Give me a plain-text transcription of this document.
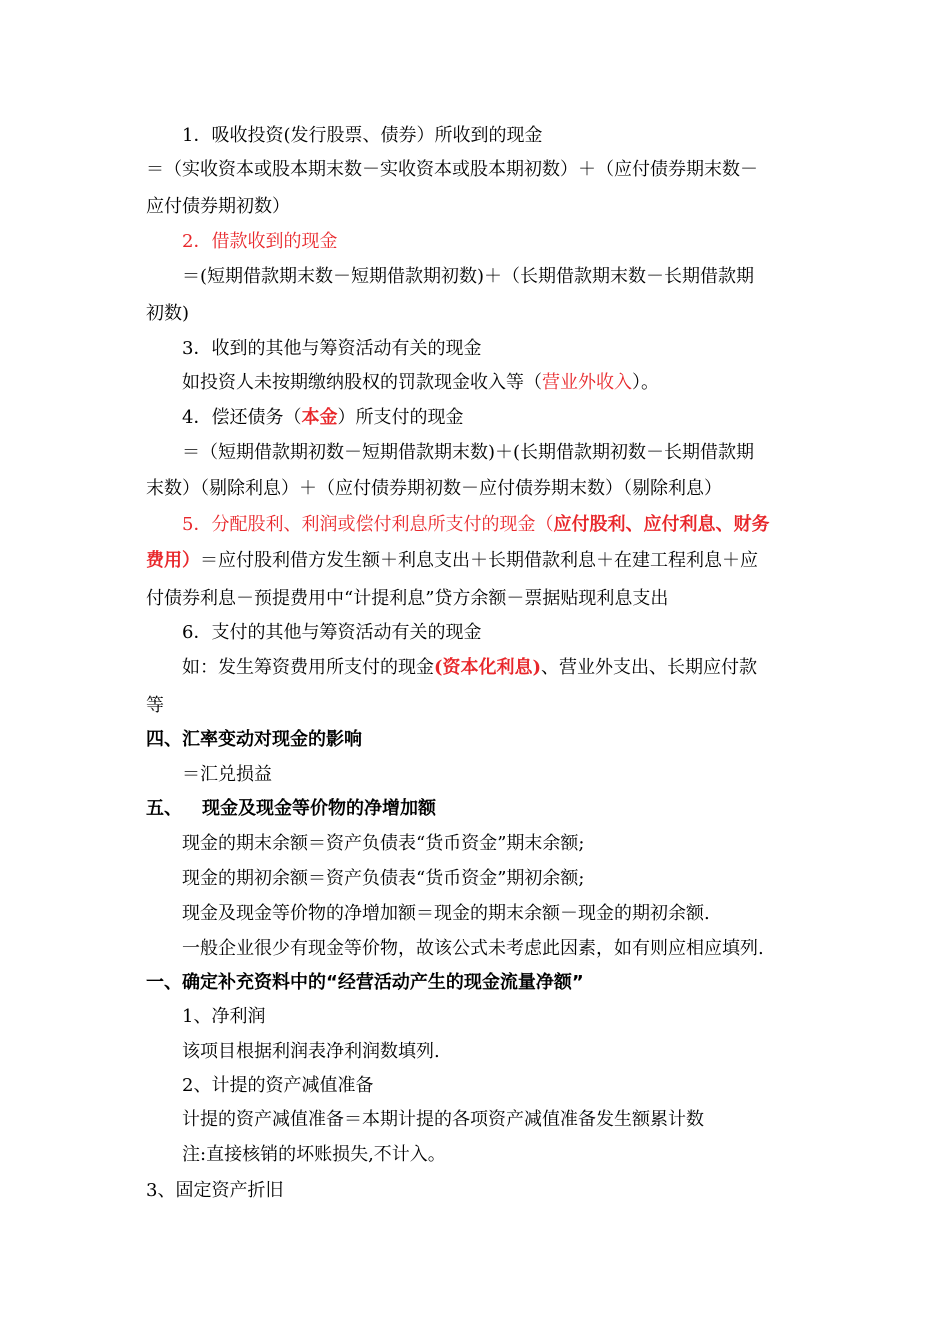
1．吸收投资(发行股票、债券）所收到的现金
＝（实收资本或股本期末数－实收资本或股本期初数）＋（应付债券期末数－
应付债券期初数）
2．借款收到的现金
＝(短期借款期末数－短期借款期初数)＋（长期借款期末数－长期借款期
初数)
3．收到的其他与筹资活动有关的现金
如投资人未按期缴纳股权的罚款现金收入等（营业外收入）。
4．偿还债务（本金）所支付的现金
＝（短期借款期初数－短期借款期末数)＋(长期借款期初数－长期借款期
末数）（剔除利息）＋（应付债券期初数－应付债券期末数）（剔除利息）
5．分配股利、利润或偿付利息所支付的现金（应付股利、应付利息、财务
费用）＝应付股利借方发生额＋利息支出＋长期借款利息＋在建工程利息＋应
付债券利息－预提费用中“计提利息”贷方余额－票据贴现利息支出
6．支付的其他与筹资活动有关的现金
如：发生筹资费用所支付的现金(资本化利息)、营业外支出、长期应付款
等
四、汇率变动对现金的影响
＝汇兑损益
五、 现金及现金等价物的净增加额
现金的期末余额＝资产负债表“货币资金”期末余额;
现金的期初余额＝资产负债表“货币资金”期初余额;
现金及现金等价物的净增加额＝现金的期末余额－现金的期初余额.
一般企业很少有现金等价物，故该公式未考虑此因素，如有则应相应填列.
一、确定补充资料中的“经营活动产生的现金流量净额”
1、净利润
该项目根据利润表净利润数填列.
2、计提的资产减值准备
计提的资产减值准备＝本期计提的各项资产减值准备发生额累计数
注:直接核销的坏账损失,不计入。
3、固定资产折旧
